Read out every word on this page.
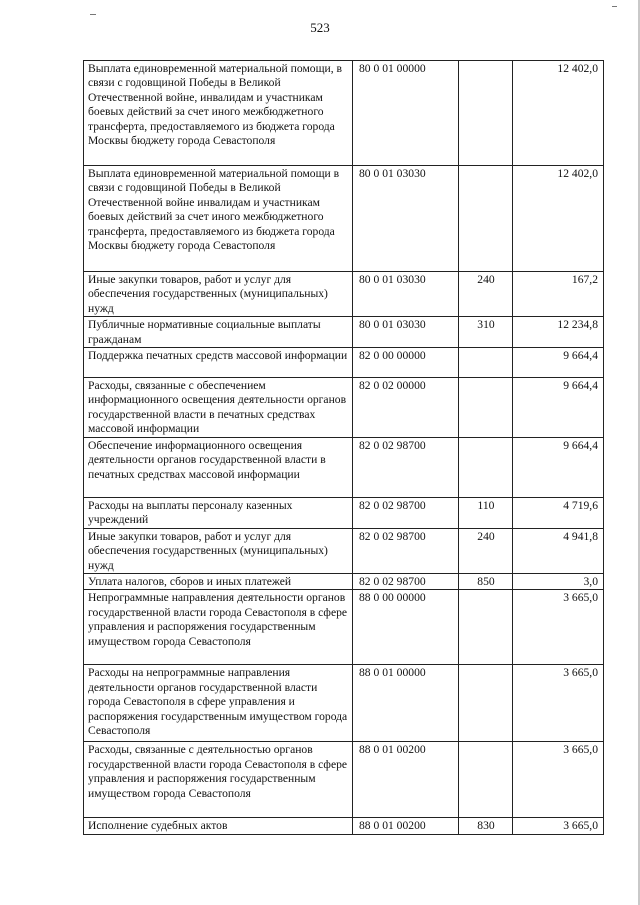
523
Выплата единовременной материальной помощи, в связи с годовщиной Победы в Великой Отечественной войне, инвалидам и участникам боевых действий за счет иного межбюджетного трансферта, предоставляемого из бюджета города Москвы бюджету города Севастополя	80 0 01 00000		12 402,0
Выплата единовременной материальной помощи в связи с годовщиной Победы в Великой Отечественной войне инвалидам и участникам боевых действий за счет иного межбюджетного трансферта, предоставляемого из бюджета города Москвы бюджету города Севастополя	80 0 01 03030		12 402,0
Иные закупки товаров, работ и услуг для обеспечения государственных (муниципальных) нужд	80 0 01 03030	240	167,2
Публичные нормативные социальные выплаты гражданам	80 0 01 03030	310	12 234,8
Поддержка печатных средств массовой информации	82 0 00 00000		9 664,4
Расходы, связанные с обеспечением информационного освещения деятельности органов государственной власти в печатных средствах массовой информации	82 0 02 00000		9 664,4
Обеспечение информационного освещения деятельности органов государственной власти в печатных средствах массовой информации	82 0 02 98700		9 664,4
Расходы на выплаты персоналу казенных учреждений	82 0 02 98700	110	4 719,6
Иные закупки товаров, работ и услуг для обеспечения государственных (муниципальных) нужд	82 0 02 98700	240	4 941,8
Уплата налогов, сборов и иных платежей	82 0 02 98700	850	3,0
Непрограммные направления деятельности органов государственной власти города Севастополя в сфере управления и распоряжения государственным имуществом города Севастополя	88 0 00 00000		3 665,0
Расходы на непрограммные направления деятельности органов государственной власти города Севастополя в сфере управления и распоряжения государственным имуществом города Севастополя	88 0 01 00000		3 665,0
Расходы, связанные с деятельностью органов государственной власти города Севастополя в сфере управления и распоряжения государственным имуществом города Севастополя	88 0 01 00200		3 665,0
Исполнение судебных актов	88 0 01 00200	830	3 665,0
